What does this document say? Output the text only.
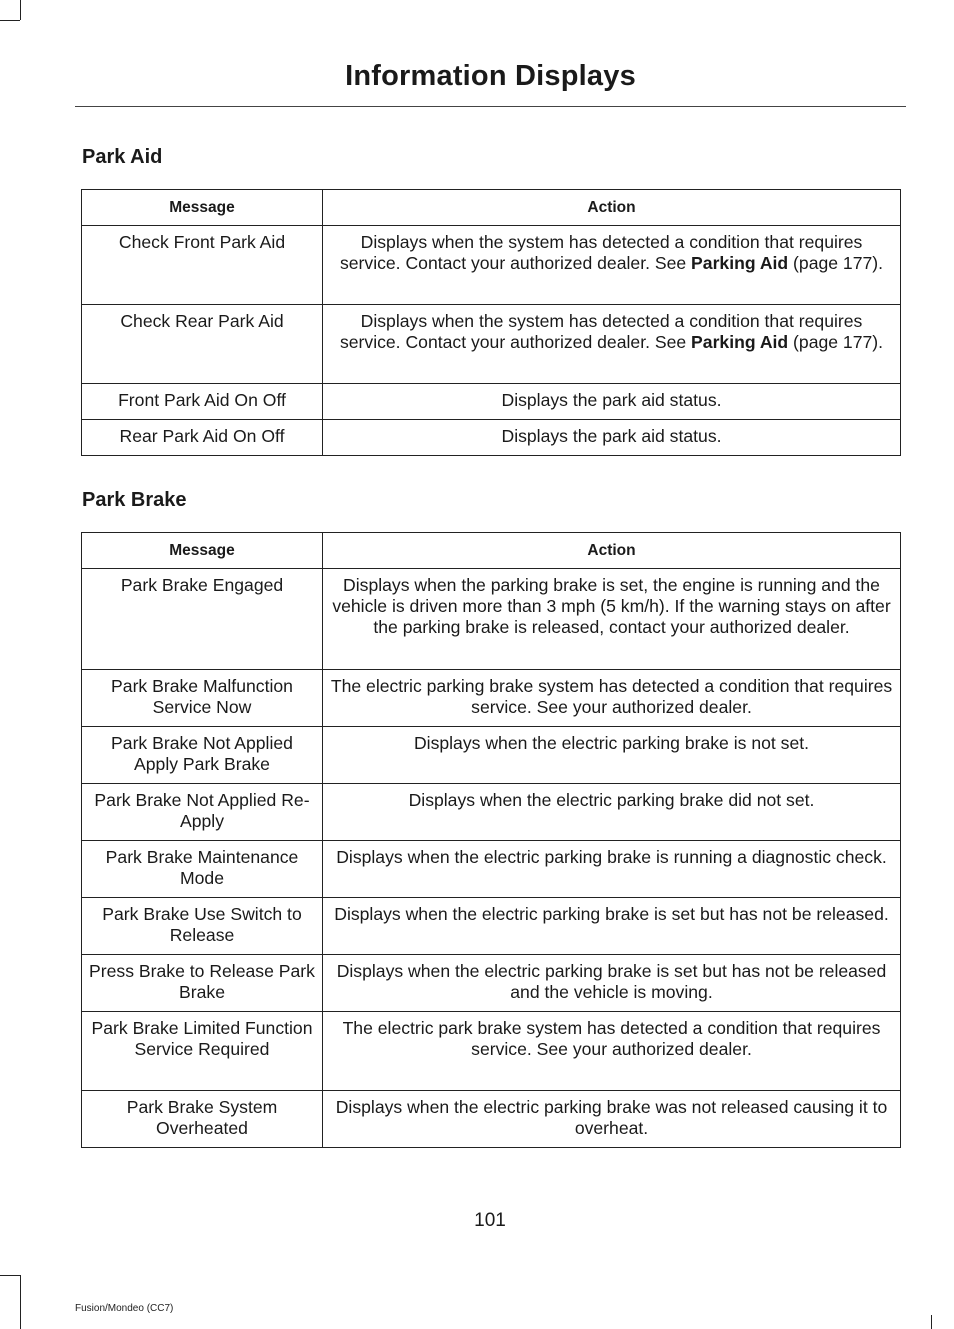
Information Displays
Park Aid
Message	Action
Check Front Park Aid	Displays when the system has detected a condition that requires service. Contact your authorized dealer. See Parking Aid (page 177).
Check Rear Park Aid	Displays when the system has detected a condition that requires service. Contact your authorized dealer. See Parking Aid (page 177).
Front Park Aid On Off	Displays the park aid status.
Rear Park Aid On Off	Displays the park aid status.
Park Brake
Message	Action
Park Brake Engaged	Displays when the parking brake is set, the engine is running and the vehicle is driven more than 3 mph (5 km/h). If the warning stays on after the parking brake is released, contact your authorized dealer.
Park Brake Malfunction Service Now	The electric parking brake system has detected a condition that requires service. See your authorized dealer.
Park Brake Not Applied Apply Park Brake	Displays when the electric parking brake is not set.
Park Brake Not Applied Re-Apply	Displays when the electric parking brake did not set.
Park Brake Maintenance Mode	Displays when the electric parking brake is running a diagnostic check.
Park Brake Use Switch to Release	Displays when the electric parking brake is set but has not be released.
Press Brake to Release Park Brake	Displays when the electric parking brake is set but has not be released and the vehicle is moving.
Park Brake Limited Function Service Required	The electric park brake system has detected a condition that requires service. See your authorized dealer.
Park Brake System Overheated	Displays when the electric parking brake was not released causing it to overheat.
101
Fusion/Mondeo (CC7)
